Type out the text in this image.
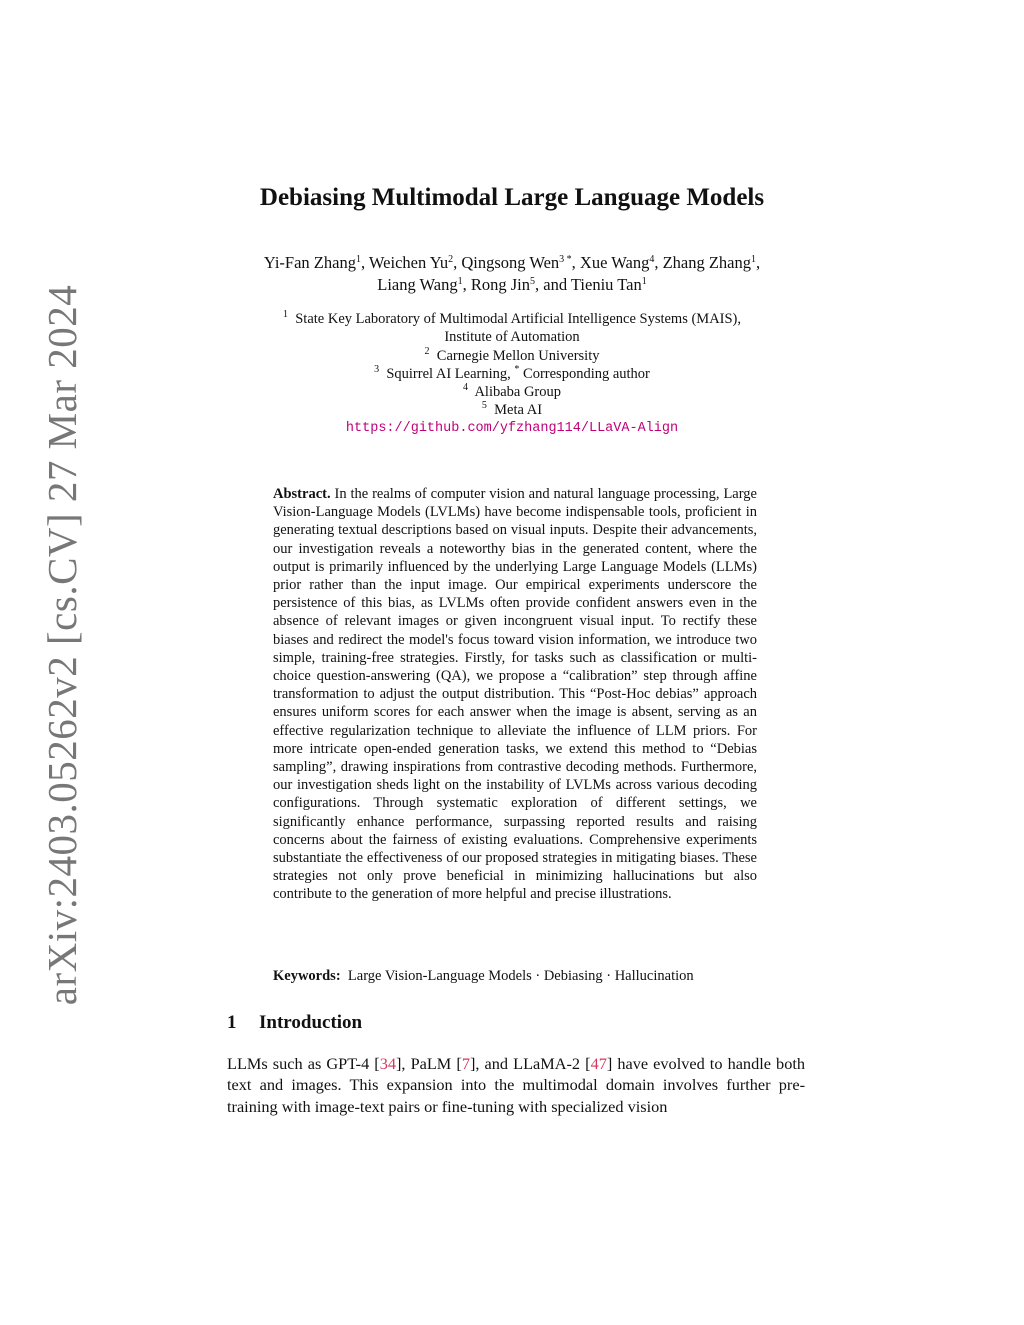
arXiv:2403.05262v2 [cs.CV] 27 Mar 2024
Debiasing Multimodal Large Language Models
Yi-Fan Zhang$^1$, Weichen Yu$^2$, Qingsong Wen$^{3 *}$, Xue Wang$^4$, Zhang Zhang$^1$,
Liang Wang$^1$, Rong Jin$^5$, and Tieniu Tan$^1$
$^1$ State Key Laboratory of Multimodal Artificial Intelligence Systems (MAIS),
Institute of Automation
$^2$ Carnegie Mellon University
$^3$ Squirrel AI Learning, * Corresponding author
$^4$ Alibaba Group
$^5$ Meta AI
https://github.com/yfzhang114/LLaVA-Align
Abstract. In the realms of computer vision and natural language processing, Large Vision-Language Models (LVLMs) have become indispensable tools, proficient in generating textual descriptions based on visual inputs. Despite their advancements, our investigation reveals a noteworthy bias in the generated content, where the output is primarily influenced by the underlying Large Language Models (LLMs) prior rather than the input image. Our empirical experiments underscore the persistence of this bias, as LVLMs often provide confident answers even in the absence of relevant images or given incongruent visual input. To rectify these biases and redirect the model's focus toward vision information, we introduce two simple, training-free strategies. Firstly, for tasks such as classification or multi-choice question-answering (QA), we propose a “calibration” step through affine transformation to adjust the output distribution. This “Post-Hoc debias” approach ensures uniform scores for each answer when the image is absent, serving as an effective regularization technique to alleviate the influence of LLM priors. For more intricate open-ended generation tasks, we extend this method to “Debias sampling”, drawing inspirations from contrastive decoding methods. Furthermore, our investigation sheds light on the instability of LVLMs across various decoding configurations. Through systematic exploration of different settings, we significantly enhance performance, surpassing reported results and raising concerns about the fairness of existing evaluations. Comprehensive experiments substantiate the effectiveness of our proposed strategies in mitigating biases. These strategies not only prove beneficial in minimizing hallucinations but also contribute to the generation of more helpful and precise illustrations.
Keywords: Large Vision-Language Models · Debiasing · Hallucination
1 Introduction
LLMs such as GPT-4 [34], PaLM [7], and LLaMA-2 [47] have evolved to handle both text and images. This expansion into the multimodal domain involves further pre-training with image-text pairs or fine-tuning with specialized vision
